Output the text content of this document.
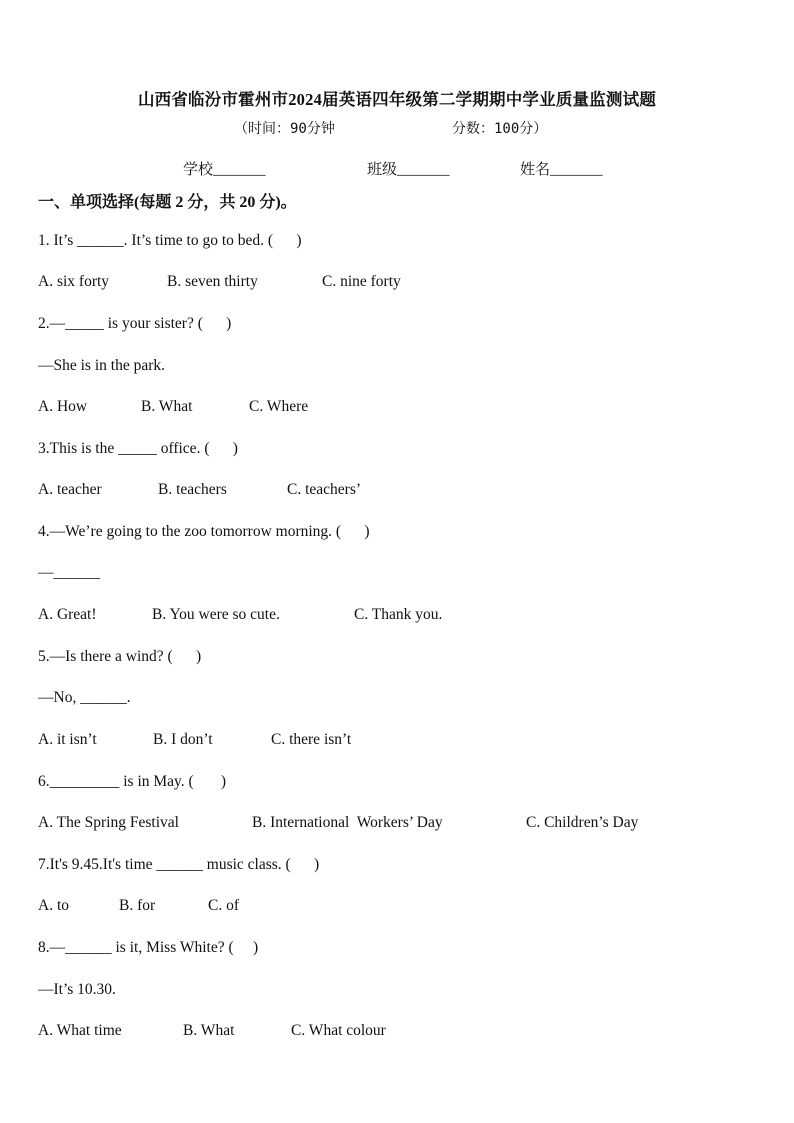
山西省临汾市霍州市2024届英语四年级第二学期期中学业质量监测试题
（时间：90分钟	分数：100分）
学校_______	班级_______	姓名_______
一、单项选择(每题 2 分，共 20 分)。
1. It’s ______. It’s time to go to bed. (      )
A. six forty	B. seven thirty	C. nine forty
2.—_____ is your sister? (      )
—She is in the park.
A. How	B. What	C. Where
3.This is the _____ office. (      )
A. teacher	B. teachers	C. teachers’
4.—We’re going to the zoo tomorrow morning. (      )
—______
A. Great!	B. You were so cute.	C. Thank you.
5.—Is there a wind? (      )
—No, ______.
A. it isn’t	B. I don’t	C. there isn’t
6._________ is in May. (       )
A. The Spring Festival	B. International  Workers’ Day	C. Children’s Day
7.It's 9.45.It's time ______ music class. (      )
A. to	B. for	C. of
8.—______ is it, Miss White? (     )
—It’s 10.30.
A. What time	B. What	C. What colour
